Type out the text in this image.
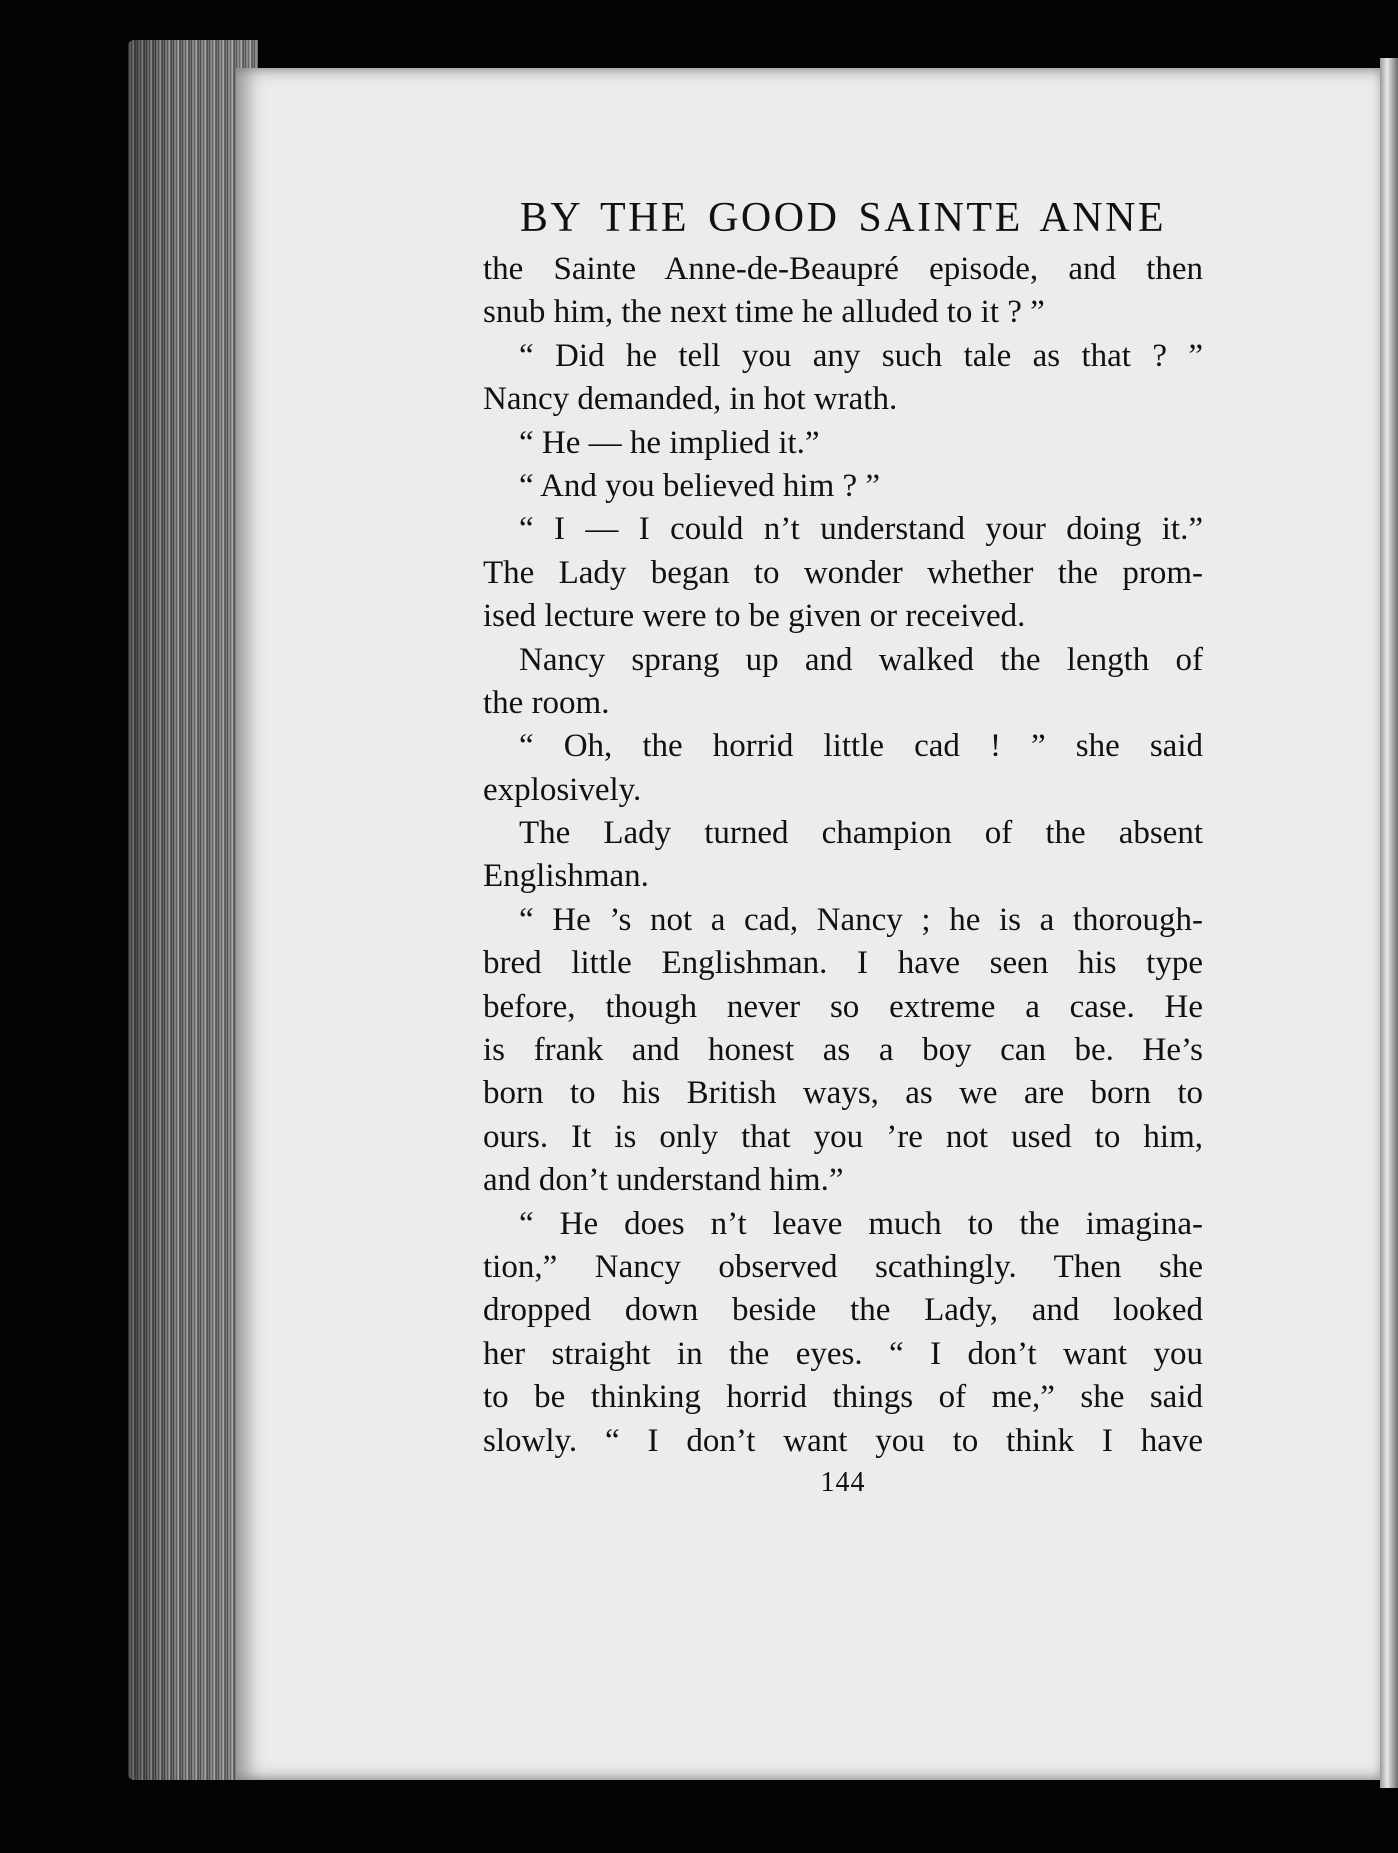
BY THE GOOD SAINTE ANNE
the Sainte Anne-de-Beaupré episode, and then
snub him, the next time he alluded to it ? ”
“ Did he tell you any such tale as that ? ”
Nancy demanded, in hot wrath.
“ He — he implied it.”
“ And you believed him ? ”
“ I — I could n’t understand your doing it.”
The Lady began to wonder whether the prom-
ised lecture were to be given or received.
Nancy sprang up and walked the length of
the room.
“ Oh, the horrid little cad ! ” she said
explosively.
The Lady turned champion of the absent
Englishman.
“ He ’s not a cad, Nancy ; he is a thorough-
bred little Englishman. I have seen his type
before, though never so extreme a case. He
is frank and honest as a boy can be. He’s
born to his British ways, as we are born to
ours. It is only that you ’re not used to him,
and don’t understand him.”
“ He does n’t leave much to the imagina-
tion,” Nancy observed scathingly. Then she
dropped down beside the Lady, and looked
her straight in the eyes. “ I don’t want you
to be thinking horrid things of me,” she said
slowly. “ I don’t want you to think I have
144
